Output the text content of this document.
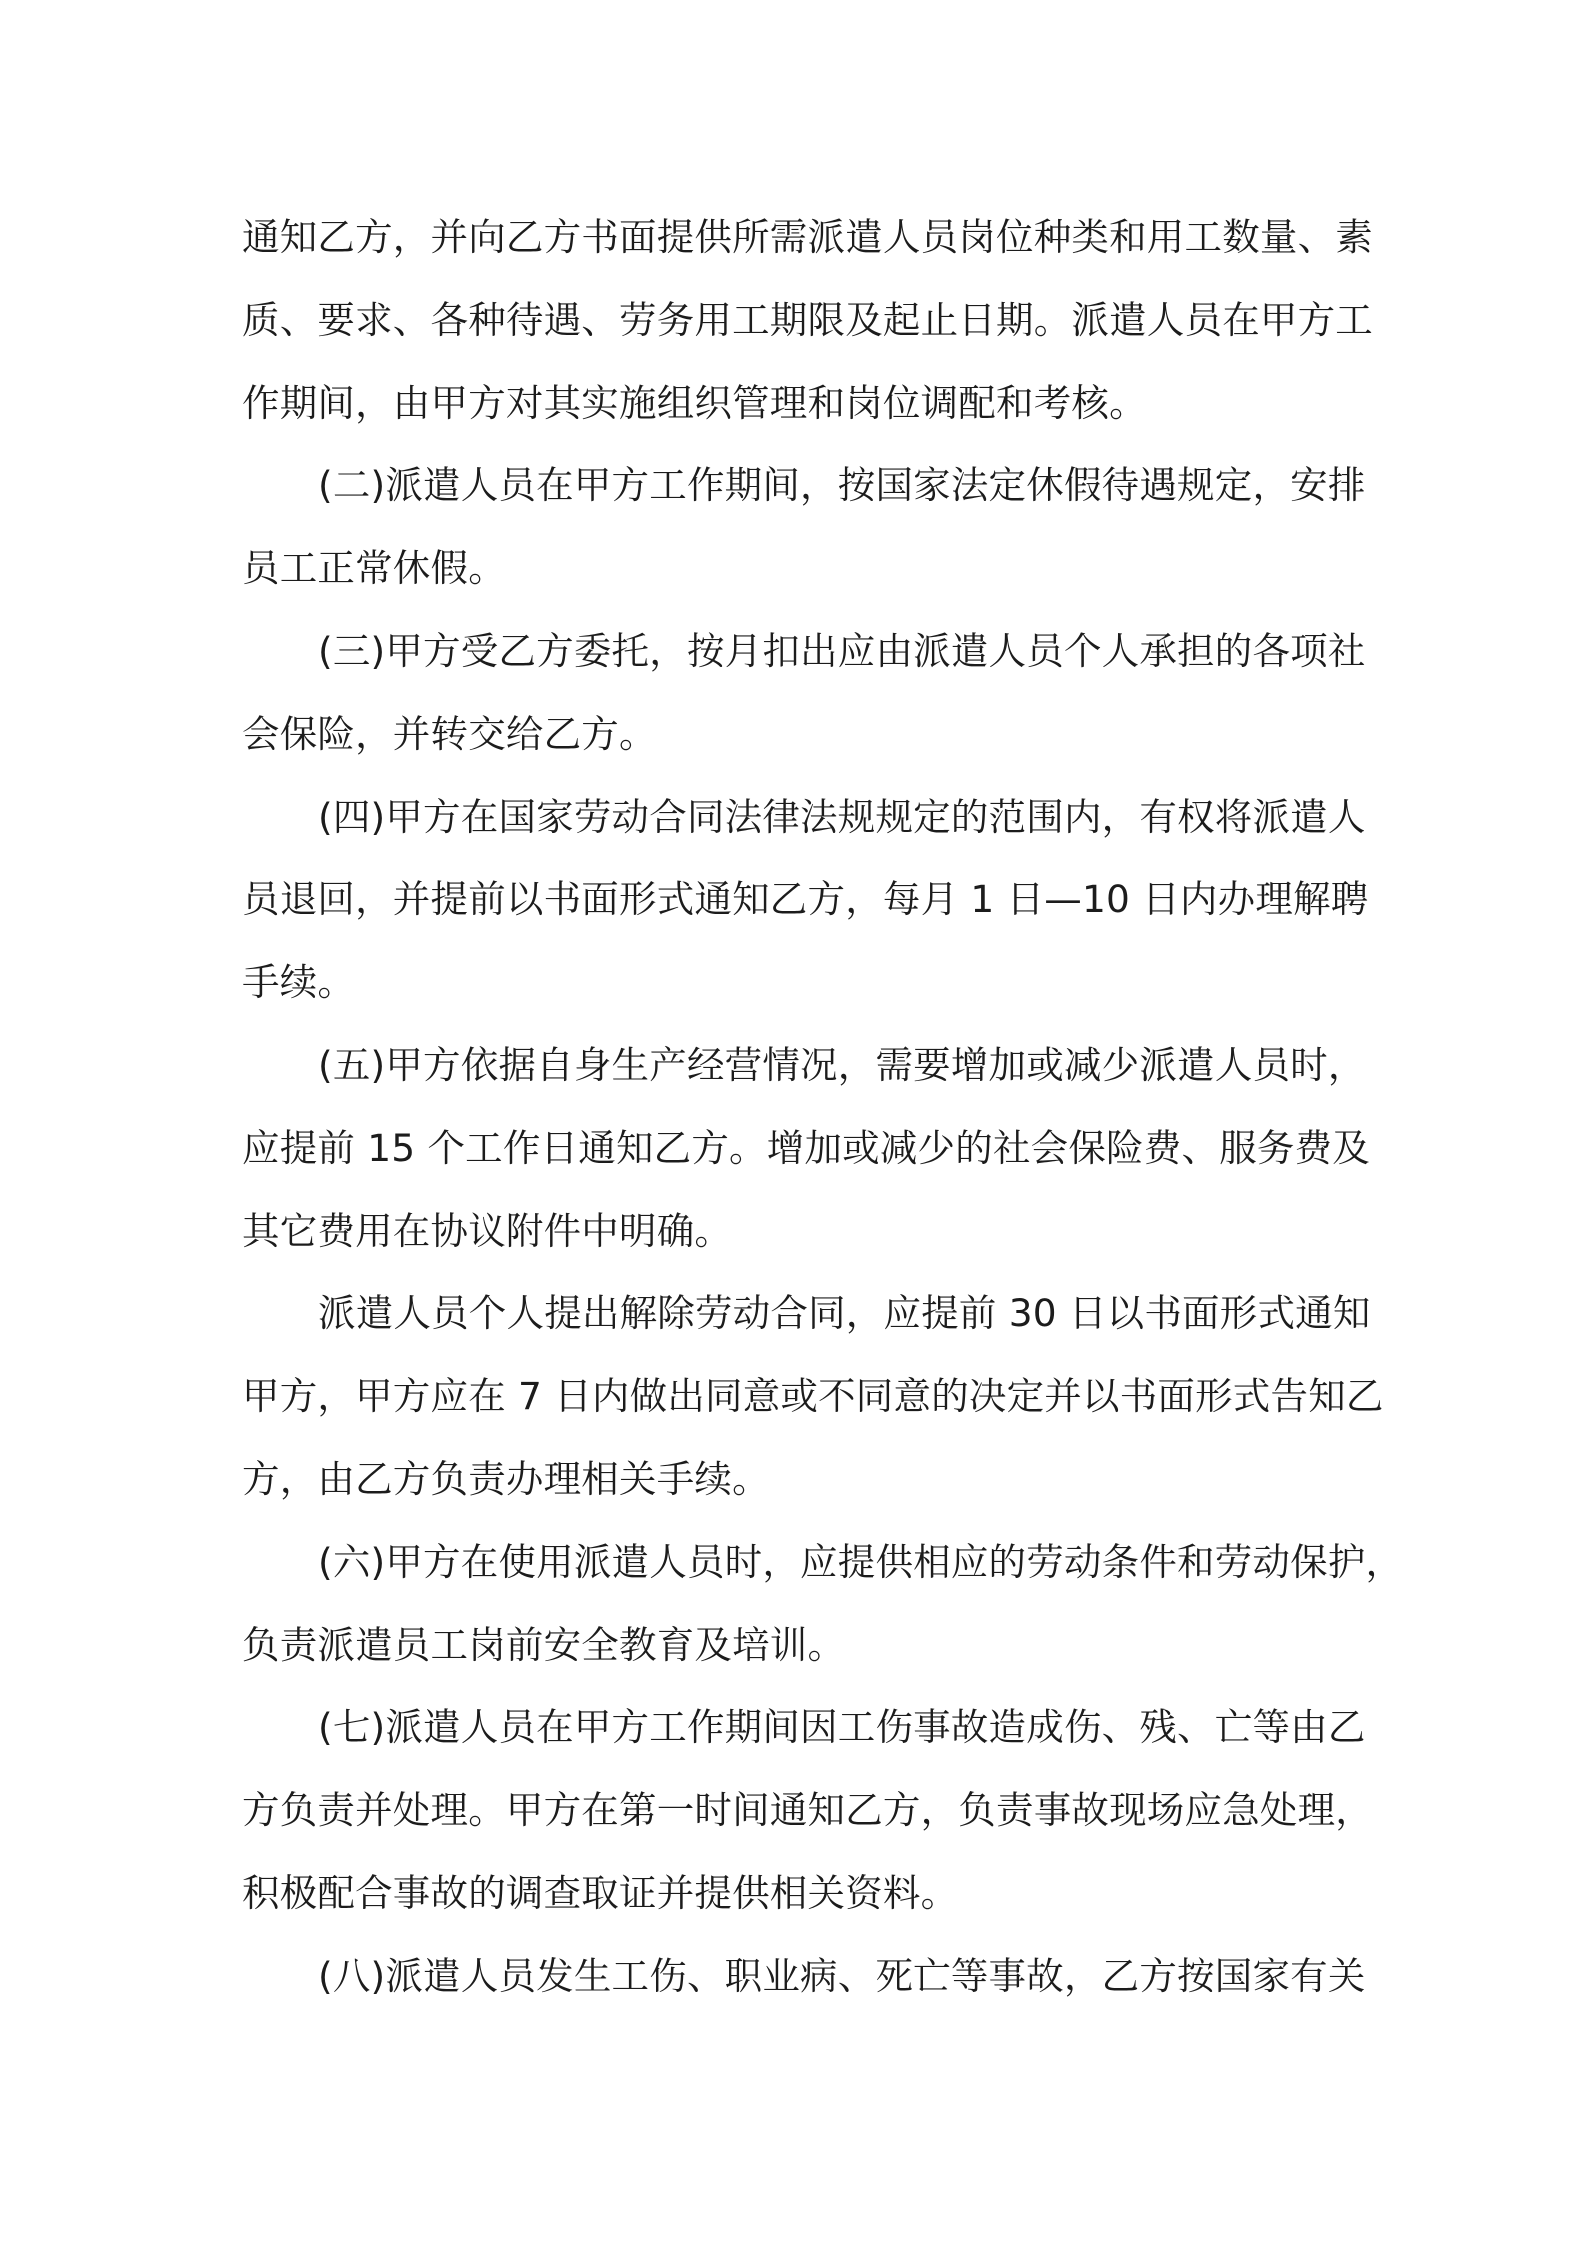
通知乙方，并向乙方书面提供所需派遣人员岗位种类和用工数量、素
质、要求、各种待遇、劳务用工期限及起止日期。派遣人员在甲方工
作期间，由甲方对其实施组织管理和岗位调配和考核。
(二)派遣人员在甲方工作期间，按国家法定休假待遇规定，安排
员工正常休假。
(三)甲方受乙方委托，按月扣出应由派遣人员个人承担的各项社
会保险，并转交给乙方。
(四)甲方在国家劳动合同法律法规规定的范围内，有权将派遣人
员退回，并提前以书面形式通知乙方，每月 1 日—10 日内办理解聘
手续。
(五)甲方依据自身生产经营情况，需要增加或减少派遣人员时，
应提前 15 个工作日通知乙方。增加或减少的社会保险费、服务费及
其它费用在协议附件中明确。
派遣人员个人提出解除劳动合同，应提前 30 日以书面形式通知
甲方，甲方应在 7 日内做出同意或不同意的决定并以书面形式告知乙
方，由乙方负责办理相关手续。
(六)甲方在使用派遣人员时，应提供相应的劳动条件和劳动保护，
负责派遣员工岗前安全教育及培训。
(七)派遣人员在甲方工作期间因工伤事故造成伤、残、亡等由乙
方负责并处理。甲方在第一时间通知乙方，负责事故现场应急处理，
积极配合事故的调查取证并提供相关资料。
(八)派遣人员发生工伤、职业病、死亡等事故，乙方按国家有关
